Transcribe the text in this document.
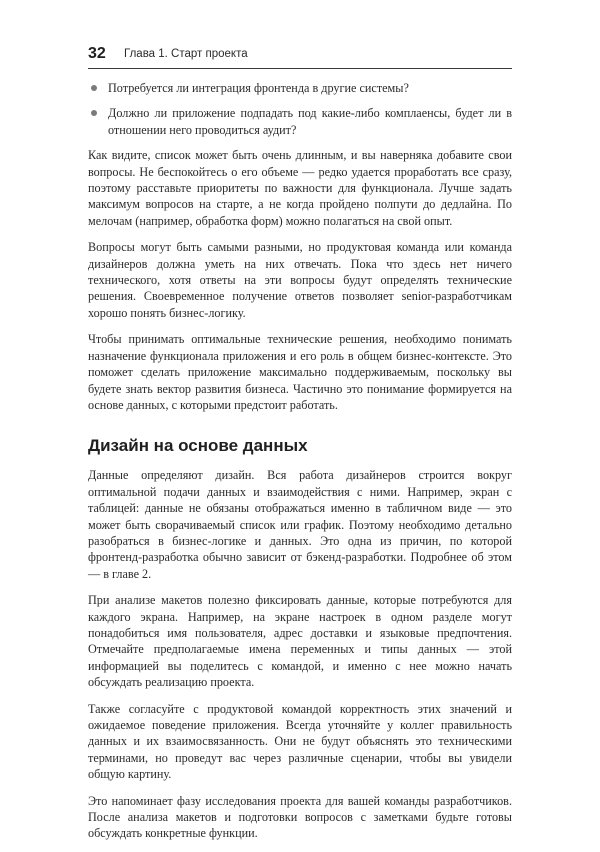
32 Глава 1. Старт проекта
Потребуется ли интеграция фронтенда в другие системы?
Должно ли приложение подпадать под какие-либо комплаенсы, будет ли в отношении него проводиться аудит?

Как видите, список может быть очень длинным, и вы наверняка добавите свои вопросы. Не беспокойтесь о его объеме — редко удается проработать все сразу, поэтому расставьте приоритеты по важности для функционала. Лучше задать максимум вопросов на старте, а не когда пройдено полпути до дедлайна. По мелочам (например, обработка форм) можно полагаться на свой опыт.

Вопросы могут быть самыми разными, но продуктовая команда или команда дизайнеров должна уметь на них отвечать. Пока что здесь нет ничего технического, хотя ответы на эти вопросы будут определять технические решения. Своевременное получение ответов позволяет senior-разработчикам хорошо понять бизнес-логику.

Чтобы принимать оптимальные технические решения, необходимо понимать назначение функционала приложения и его роль в общем бизнес-контексте. Это поможет сделать приложение максимально поддерживаемым, поскольку вы будете знать вектор развития бизнеса. Частично это понимание формируется на основе данных, с которыми предстоит работать.

Дизайн на основе данных

Данные определяют дизайн. Вся работа дизайнеров строится вокруг оптимальной подачи данных и взаимодействия с ними. Например, экран с таблицей: данные не обязаны отображаться именно в табличном виде — это может быть сворачиваемый список или график. Поэтому необходимо детально разобраться в бизнес-логике и данных. Это одна из причин, по которой фронтенд-разработка обычно зависит от бэкенд-разработки. Подробнее об этом — в главе 2.

При анализе макетов полезно фиксировать данные, которые потребуются для каждого экрана. Например, на экране настроек в одном разделе могут понадобиться имя пользователя, адрес доставки и языковые предпочтения. Отмечайте предполагаемые имена переменных и типы данных — этой информацией вы поделитесь с командой, и именно с нее можно начать обсуждать реализацию проекта.

Также согласуйте с продуктовой командой корректность этих значений и ожидаемое поведение приложения. Всегда уточняйте у коллег правильность данных и их взаимосвязанность. Они не будут объяснять это техническими терминами, но проведут вас через различные сценарии, чтобы вы увидели общую картину.

Это напоминает фазу исследования проекта для вашей команды разработчиков. После анализа макетов и подготовки вопросов с заметками будьте готовы обсуждать конкретные функции.
